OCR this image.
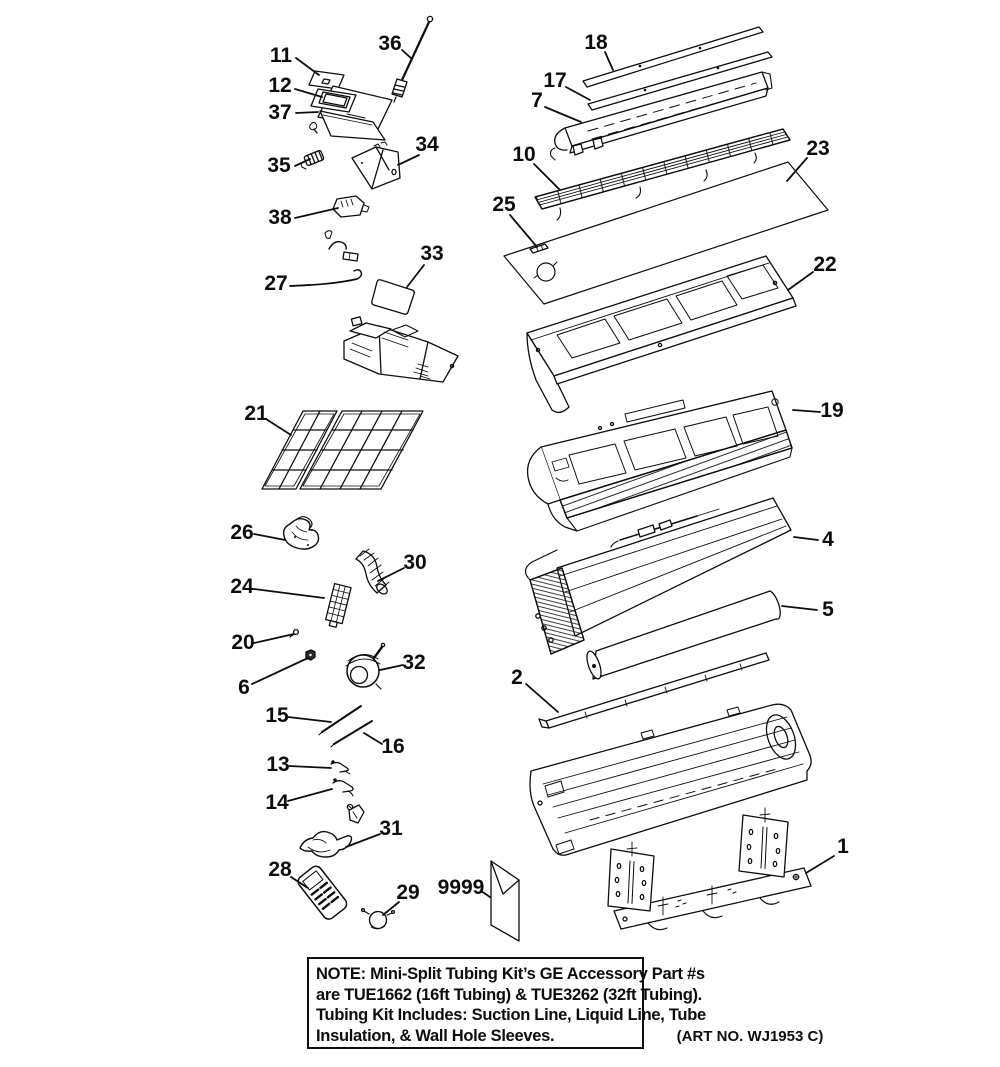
11
12
37
36
35
34
38
27
33
18
17
7
10	23
25
22
19
4
5
2
1
21
26
30
24
20
6
32
15
16
13
14
31
28
29 9999
NOTE: Mini-Split Tubing Kit’s GE Accessory Part #s
are TUE1662 (16ft Tubing) & TUE3262 (32ft Tubing).
Tubing Kit Includes: Suction Line, Liquid Line, Tube
Insulation, & Wall Hole Sleeves.	(ART NO. WJ1953 C)
